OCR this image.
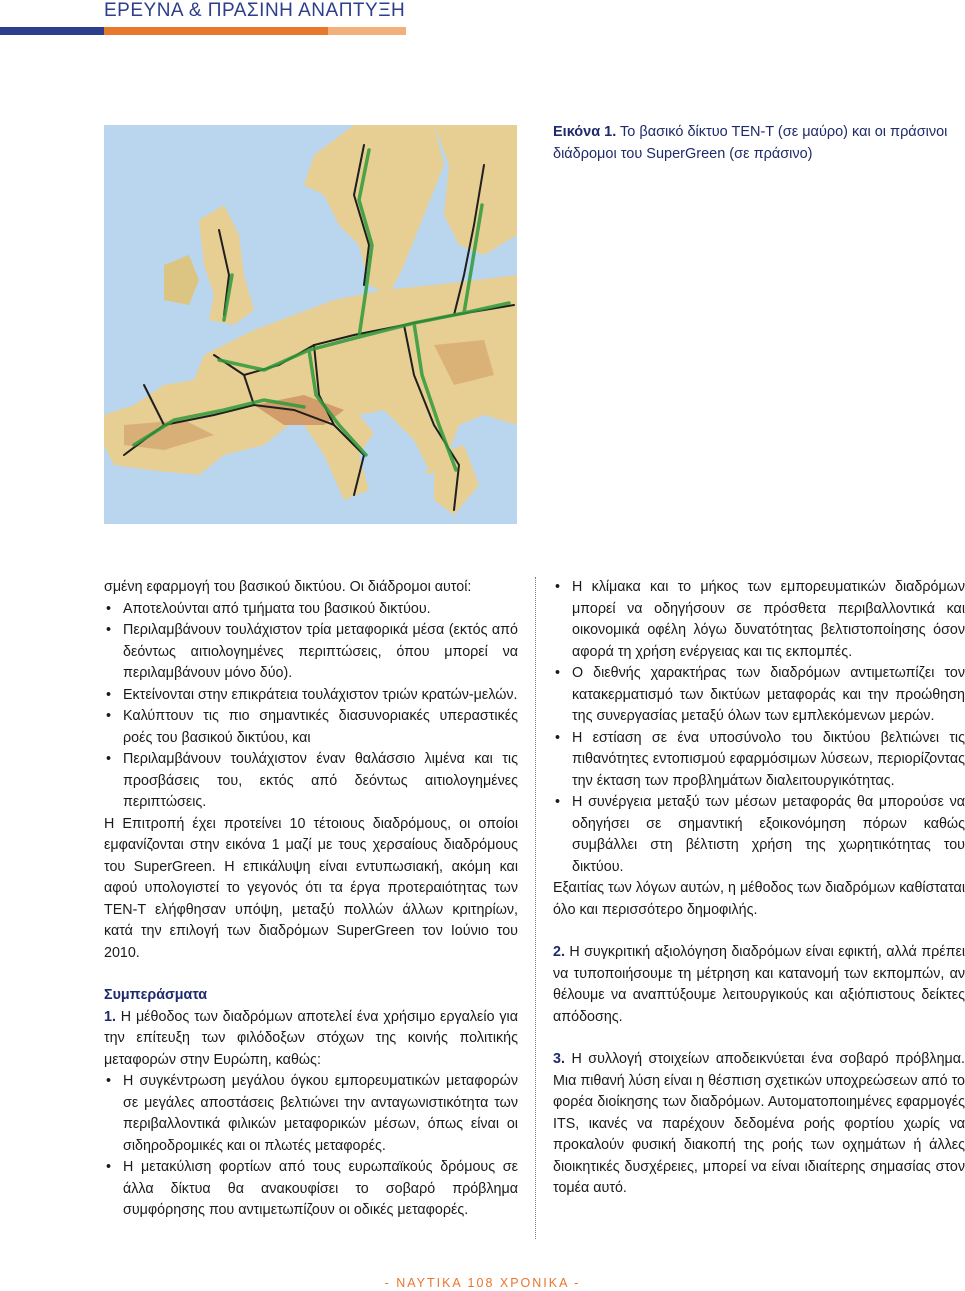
ΕΡΕΥΝΑ & ΠΡΑΣΙΝΗ ΑΝΑΠΤΥΞΗ
Εικόνα 1. Το βασικό δίκτυο ΤΕΝ-Τ (σε μαύρο) και οι πράσινοι διάδρομοι του SuperGreen (σε πράσινο)

σμένη εφαρμογή του βασικού δικτύου. Οι διάδρομοι αυτοί:

• Αποτελούνται από τμήματα του βασικού δικτύου.
• Περιλαμβάνουν τουλάχιστον τρία μεταφορικά μέσα (εκτός από δεόντως αιτιολογημένες περιπτώσεις, όπου μπορεί να περιλαμβάνουν μόνο δύο).
• Εκτείνονται στην επικράτεια τουλάχιστον τριών κρατών-μελών.
• Καλύπτουν τις πιο σημαντικές διασυνοριακές υπεραστικές ροές του βασικού δικτύου, και
• Περιλαμβάνουν τουλάχιστον έναν θαλάσσιο λιμένα και τις προσβάσεις του, εκτός από δεόντως αιτιολογημένες περιπτώσεις.

Η Επιτροπή έχει προτείνει 10 τέτοιους διαδρόμους, οι οποίοι εμφανίζονται στην εικόνα 1 μαζί με τους χερσαίους διαδρόμους του SuperGreen. Η επικάλυψη είναι εντυπωσιακή, ακόμη και αφού υπολογιστεί το γεγονός ότι τα έργα προτεραιότητας των ΤΕΝ-Τ ελήφθησαν υπόψη, μεταξύ πολλών άλλων κριτηρίων, κατά την επιλογή των διαδρόμων SuperGreen τον Ιούνιο του 2010.

Συμπεράσματα

1. Η μέθοδος των διαδρόμων αποτελεί ένα χρήσιμο εργαλείο για την επίτευξη των φιλόδοξων στόχων της κοινής πολιτικής μεταφορών στην Ευρώπη, καθώς:

• Η συγκέντρωση μεγάλου όγκου εμπορευματικών μεταφορών σε μεγάλες αποστάσεις βελτιώνει την ανταγωνιστικότητα των περιβαλλοντικά φιλικών μεταφορικών μέσων, όπως είναι οι σιδηροδρομικές και οι πλωτές μεταφορές.
• Η μετακύλιση φορτίων από τους ευρωπαϊκούς δρόμους σε άλλα δίκτυα θα ανακουφίσει το σοβαρό πρόβλημα συμφόρησης που αντιμετωπίζουν οι οδικές μεταφορές.
• Η κλίμακα και το μήκος των εμπορευματικών διαδρόμων μπορεί να οδηγήσουν σε πρόσθετα περιβαλλοντικά και οικονομικά οφέλη λόγω δυνατότητας βελτιστοποίησης όσον αφορά τη χρήση ενέργειας και τις εκπομπές.
• Ο διεθνής χαρακτήρας των διαδρόμων αντιμετωπίζει τον κατακερματισμό των δικτύων μεταφοράς και την προώθηση της συνεργασίας μεταξύ όλων των εμπλεκόμενων μερών.
• Η εστίαση σε ένα υποσύνολο του δικτύου βελτιώνει τις πιθανότητες εντοπισμού εφαρμόσιμων λύσεων, περιορίζοντας την έκταση των προβλημάτων διαλειτουργικότητας.
• Η συνέργεια μεταξύ των μέσων μεταφοράς θα μπορούσε να οδηγήσει σε σημαντική εξοικονόμηση πόρων καθώς συμβάλλει στη βέλτιστη χρήση της χωρητικότητας του δικτύου.

Εξαιτίας των λόγων αυτών, η μέθοδος των διαδρόμων καθίσταται όλο και περισσότερο δημοφιλής.

2. Η συγκριτική αξιολόγηση διαδρόμων είναι εφικτή, αλλά πρέπει να τυποποιήσουμε τη μέτρηση και κατανομή των εκπομπών, αν θέλουμε να αναπτύξουμε λειτουργικούς και αξιόπιστους δείκτες απόδοσης.

3. Η συλλογή στοιχείων αποδεικνύεται ένα σοβαρό πρόβλημα. Μια πιθανή λύση είναι η θέσπιση σχετικών υποχρεώσεων από το φορέα διοίκησης των διαδρόμων. Αυτοματοποιημένες εφαρμογές ITS, ικανές να παρέχουν δεδομένα ροής φορτίου χωρίς να προκαλούν φυσική διακοπή της ροής των οχημάτων ή άλλες διοικητικές δυσχέρειες, μπορεί να είναι ιδιαίτερης σημασίας στον τομέα αυτό.

- ΝΑΥΤΙΚΑ 108 ΧΡΟΝΙΚΑ -
